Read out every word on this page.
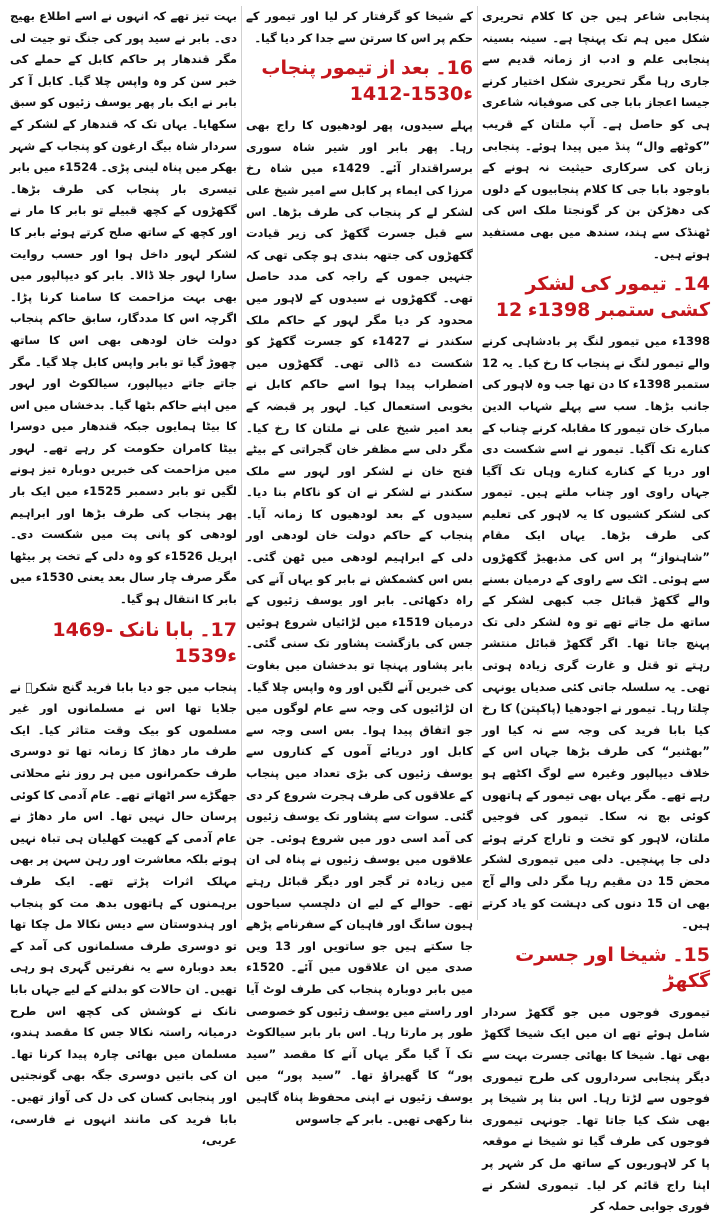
پنجابی شاعر ہیں جن کا کلام تحریری شکل میں ہم تک پہنچا ہے۔ سینہ بسینہ پنجابی علم و ادب از زمانہ قدیم سے جاری رہا مگر تحریری شکل اختیار کرنے جیسا اعجاز بابا جی کی صوفیانہ شاعری ہی کو حاصل ہے۔ آپ ملتان کے قریب ”کوٹھے وال“ پنڈ میں پیدا ہوئے۔ پنجابی زبان کی سرکاری حیثیت نہ ہونے کے باوجود بابا جی کا کلام پنجابیوں کے دلوں کی دھڑکن بن کر گونجتا ملک اس کی ٹھنڈک سے ہند، سندھ میں بھی مستفید ہوتے ہیں۔

14۔ تیمور کی لشکر کشی 12 ستمبر 1398ء

1398ء میں تیمور لنگ پر بادشاہی کرنے والے تیمور لنگ نے پنجاب کا رخ کیا۔ یہ 12 ستمبر 1398ء کا دن تھا جب وہ لاہور کی جانب بڑھا۔ سب سے پہلے شہاب الدین مبارک خان تیمور کا مقابلہ کرنے چناب کے کنارے تک آگیا۔ تیمور نے اسے شکست دی اور دریا کے کنارے کنارے وہاں تک آگیا جہاں راوی اور چناب ملتے ہیں۔ تیمور کی لشکر کشیوں کا یہ لاہور کی تعلیم کی طرف بڑھا۔ یہاں ایک مقام ”شاہنواز“ پر اس کی مذبھیڑ گکھڑوں سے ہوئی۔ اٹک سے راوی کے درمیان بسنے والے گکھڑ قبائل جب کبھی لشکر کے ساتھ مل جاتے تھے تو وہ لشکر دلی تک پہنچ جاتا تھا۔ اگر گکھڑ قبائل منتشر رہتے تو قتل و غارت گری زیادہ ہوتی تھی۔ یہ سلسلہ جاتی کئی صدیاں یونہی چلتا رہا۔ تیمور نے اجودھیا (پاکپتن) کا رخ کیا بابا فرید کی وجہ سے نہ کیا اور ”بھٹنیر“ کی طرف بڑھا جہاں اس کے خلاف دیپالپور وغیرہ سے لوگ اکٹھے ہو رہے تھے۔ مگر یہاں بھی تیمور کے ہاتھوں کوئی بچ نہ سکا۔ تیمور کی فوجیں ملتان، لاہور کو تخت و تاراج کرتے ہوئے دلی جا پہنچیں۔ دلی میں تیموری لشکر محض 15 دن مقیم رہا مگر دلی والے آج بھی ان 15 دنوں کی دہشت کو یاد کرتے ہیں۔

15۔ شیخا اور جسرت گکھڑ

تیموری فوجوں میں جو گکھڑ سردار شامل ہوئے تھے ان میں ایک شیخا گکھڑ بھی تھا۔ شیخا کا بھائی جسرت بہت سے دیگر پنجابی سرداروں کی طرح تیموری فوجوں سے لڑتا رہا۔ اس بنا پر شیخا پر بھی شک کیا جاتا تھا۔ جونہی تیموری فوجوں کی طرف گیا تو شیخا نے موقعہ پا کر لاہوریوں کے ساتھ مل کر شہر پر اپنا راج قائم کر لیا۔ تیموری لشکر نے فوری جوابی حملہ کر

کے شیخا کو گرفتار کر لیا اور تیمور کے حکم پر اس کا سرتن سے جدا کر دیا گیا۔

16۔ بعد از تیمور پنجاب 1412-1530ء

پہلے سیدوں، پھر لودھیوں کا راج بھی رہا۔ پھر بابر اور شیر شاہ سوری برسراقتدار آئے۔ 1429ء میں شاہ رخ مرزا کی ایماء پر کابل سے امیر شیخ علی لشکر لے کر پنجاب کی طرف بڑھا۔ اس سے قبل جسرت گکھڑ کی زیر قیادت گکھڑوں کی جتھہ بندی ہو چکی تھی کہ جنہیں جموں کے راجہ کی مدد حاصل تھی۔ گکھڑوں نے سیدوں کے لاہور میں محدود کر دیا مگر لہور کے حاکم ملک سکندر نے 1427ء کو جسرت گکھڑ کو شکست دے ڈالی تھی۔ گکھڑوں میں اضطراب پیدا ہوا اسے حاکم کابل نے بخوبی استعمال کیا۔ لہور پر قبضہ کے بعد امیر شیخ علی نے ملتان کا رخ کیا۔ مگر دلی سے مظفر خان گجراتی کے بیٹے فتح خان نے لشکر اور لہور سے ملک سکندر نے لشکر نے ان کو ناکام بنا دیا۔ سیدوں کے بعد لودھیوں کا زمانہ آیا۔ پنجاب کے حاکم دولت خان لودھی اور دلی کے ابراہیم لودھی میں ٹھن گئی۔ بس اس کشمکش نے بابر کو یہاں آنے کی راہ دکھائی۔ بابر اور یوسف زئیوں کے درمیان 1519ء میں لڑائیاں شروع ہوئیں جس کی بازگشت پشاور تک سنی گئی۔ بابر پشاور پہنچا تو بدخشان میں بغاوت کی خبریں آنے لگیں اور وہ واپس چلا گیا۔ ان لڑائیوں کی وجہ سے عام لوگوں میں جو اتفاق پیدا ہوا۔ بس اسی وجہ سے کابل اور دریائے آموں کے کناروں سے یوسف زئیوں کی بڑی تعداد میں پنجاب کے علاقوں کی طرف ہجرت شروع کر دی گئی۔ سوات سے پشاور تک یوسف زئیوں کی آمد اسی دور میں شروع ہوئی۔ جن علاقوں میں یوسف زئیوں نے پناہ لی ان میں زیادہ تر گجر اور دیگر قبائل رہتے تھے۔ حوالے کے لیے ان دلچسپ سیاحوں ہیون سانگ اور فاہیان کے سفرنامے پڑھے جا سکتے ہیں جو ساتویں اور 13 ویں صدی میں ان علاقوں میں آئے۔ 1520ء میں بابر دوبارہ پنجاب کی طرف لوٹ آیا اور راستے میں یوسف زئیوں کو خصوصی طور پر مارتا رہا۔ اس بار بابر سیالکوٹ تک آ گیا مگر یہاں آنے کا مقصد ”سید پور“ کا گھیراؤ تھا۔ ”سید پور“ میں یوسف زئیوں نے اپنی محفوظ پناہ گاہیں بنا رکھی تھیں۔ بابر کے جاسوس

بہت تیز تھے کہ انہوں نے اسے اطلاع بھیج دی۔ بابر نے سید پور کی جنگ تو جیت لی مگر قندھار پر حاکم کابل کے حملے کی خبر سن کر وہ واپس چلا گیا۔ کابل آ کر بابر نے ایک بار پھر یوسف زئیوں کو سبق سکھایا۔ یہاں تک کہ قندھار کے لشکر کے سردار شاہ بیگ ارغون کو پنجاب کے شہر بھکر میں پناہ لینی پڑی۔ 1524ء میں بابر تیسری بار پنجاب کی طرف بڑھا۔ گکھڑوں کے کچھ قبیلے تو بابر کا مار نے اور کچھ کے ساتھ صلح کرتے ہوئے بابر کا لشکر لہور داخل ہوا اور حسب روایت سارا لہور جلا ڈالا۔ بابر کو دیپالپور میں بھی بہت مزاحمت کا سامنا کرنا پڑا۔ اگرچہ اس کا مددگار، سابق حاکم پنجاب دولت خان لودھی بھی اس کا ساتھ چھوڑ گیا تو بابر واپس کابل چلا گیا۔ مگر جاتے جاتے دیپالپور، سیالکوٹ اور لہور میں اپنے حاکم بٹھا گیا۔ بدخشاں میں اس کا بیٹا ہمایوں جبکہ قندھار میں دوسرا بیٹا کامران حکومت کر رہے تھے۔ لہور میں مزاحمت کی خبریں دوبارہ تیز ہونے لگیں تو بابر دسمبر 1525ء میں ایک بار پھر پنجاب کی طرف بڑھا اور ابراہیم لودھی کو پانی پت میں شکست دی۔ اپریل 1526ء کو وہ دلی کے تخت پر بیٹھا مگر صرف چار سال بعد یعنی 1530ء میں بابر کا انتقال ہو گیا۔

17۔ بابا نانک 1469-1539ء

پنجاب میں جو دیا بابا فرید گنج شکرؒ نے جلایا تھا اس نے مسلمانوں اور غیر مسلموں کو بیک وقت متاثر کیا۔ ایک طرف مار دھاڑ کا زمانہ تھا تو دوسری طرف حکمرانوں میں ہر روز نئے محلاتی جھگڑے سر اٹھاتے تھے۔ عام آدمی کا کوئی پرسان حال نہیں تھا۔ اس مار دھاڑ نے عام آدمی کے کھیت کھلیان ہی تباہ نہیں ہوتے بلکہ معاشرت اور رہن سہن پر بھی مہلک اثرات پڑتے تھے۔ ایک طرف برہمنوں کے ہاتھوں بدھ مت کو پنجاب اور ہندوستان سے دیس نکالا مل چکا تھا تو دوسری طرف مسلمانوں کی آمد کے بعد دوبارہ سے یہ نفرتیں گہری ہو رہی تھیں۔ ان حالات کو بدلنے کے لیے جہاں بابا نانک نے کوشش کی کچھ اس طرح درمیانہ راستہ نکالا جس کا مقصد ہندو، مسلمان میں بھائی چارہ پیدا کرنا تھا۔ ان کی باتیں دوسری جگہ بھی گونجتیں اور پنجابی کسان کی دل کی آواز تھیں۔ بابا فرید کی مانند انہوں نے فارسی، عربی،
